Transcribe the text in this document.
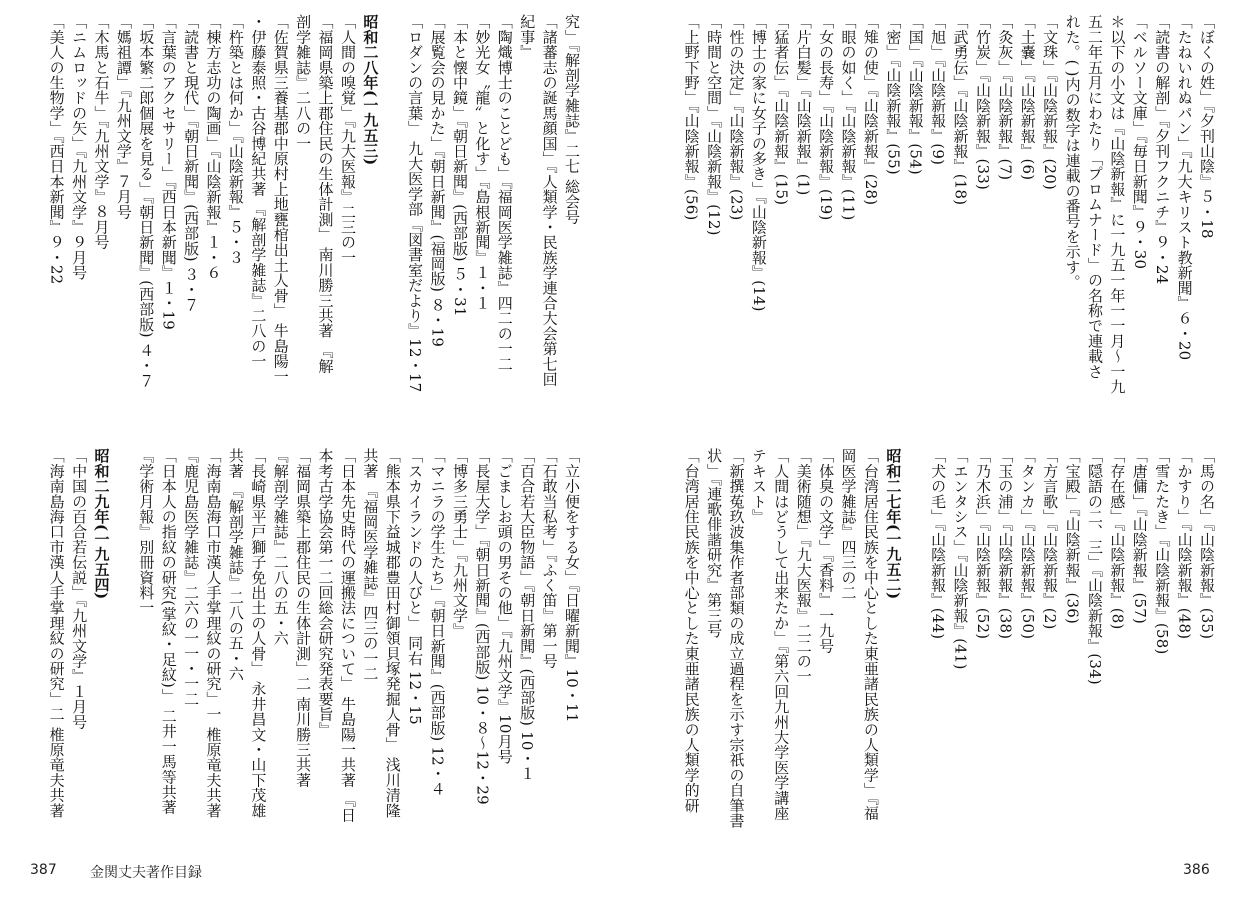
究」『解剖学雑誌』二七 総会号
「諸蕃志の誕馬顔国」『人類学・民族学連合大会第七回
紀事』
「陶熾博士のことども」『福岡医学雑誌』四二の一二
「妙光女〝龍〟と化す」『島根新聞』１・１
「本と懐中鏡」『朝日新聞』(西部版) ５・31
「展覧会の見かた」『朝日新聞』(福岡版) ８・19
「ロダンの言葉」 九大医学部『図書室だより』12・17

昭和二八年(一九五三)
「人間の嗅覚」『九大医報』二三の一
「福岡県築上郡住民の生体計測」 南川勝三共著 『解
剖学雑誌』二八の一
「佐賀県三養基郡中原村上地甕棺出土人骨」 牛島陽一
・伊藤泰照・古谷博紀共著 『解剖学雑誌』二八の一
「杵築とは何か」『山陰新報』５・３
「棟方志功の陶画」『山陰新報』１・６
「読書と現代」『朝日新聞』(西部版) ３・７
「言葉のアクセサリー」『西日本新聞』１・19
「坂本繁二郎個展を見る」『朝日新聞』(西部版) ４・７
「媽祖譚」『九州文学』７月号
「木馬と石牛」『九州文学』８月号
「ニムロッドの矢」『九州文学』９月号
「美人の生物学」『西日本新聞』９・22
「立小便をする女」『日曜新聞』10・11
「石敢当私考」『ふく笛』第一号
「百合若大臣物語」『朝日新聞』(西部版) 10・１
「ごましお頭の男その他」『九州文学』10月号
「長屋大学」『朝日新聞』(西部版) 10・８〜12・29
「博多三勇士」『九州文学』
「マニラの学生たち」『朝日新聞』(西部版) 12・４
「スカイランドの人びと」 同右 12・15
「熊本県下益城郡豊田村御領貝塚発掘人骨」 浅川清隆
共著 『福岡医学雑誌』四三の一二
「日本先史時代の運搬法について」 牛島陽一共著 『日
本考古学協会第一二回総会研究発表要旨』
「福岡県築上郡住民の生体計測」二 南川勝三共著
『解剖学雑誌』二八の五・六
「長崎県平戸獅子免出土の人骨」 永井昌文・山下茂雄
共著 『解剖学雑誌』二八の五・六
「海南島海口市漢人手掌理紋の研究」一 椎原竜夫共著
『鹿児島医学雑誌』二六の一一・一二
「日本人の指紋の研究(掌紋・足紋)」 二井一馬等共著
『学術月報』別冊資料一

昭和二九年(一九五四)
「中国の百合若伝説」『九州文学』１月号
「海南島海口市漢人手掌理紋の研究」二 椎原竜夫共著
387 金関丈夫著作目録
「ぼくの姓」『夕刊山陰』５・18
「たねいれぬパン」『九大キリスト教新聞』６・20
「読書の解剖」『夕刊フクニチ』９・24
「ベルソー文庫」『毎日新聞』９・30
＊以下の小文は『山陰新報』に一九五一年一一月〜一九
五二年五月にわたり「プロムナード」の名称で連載さ
れた。( )内の数字は連載の番号を示す。
「文珠」『山陰新報』(20)
「土嚢」『山陰新報』(6)
「灸灰」『山陰新報』(7)
「竹炭」『山陰新報』(33)
「武勇伝」『山陰新報』(18)
「旭」『山陰新報』(9)
「国」『山陰新報』(54)
「密」『山陰新報』(55)
「雉の使」『山陰新報』(28)
「眼の如く」『山陰新報』(11)
「女の長寿」『山陰新報』(19)
「片白髪」『山陰新報』(1)
「猛者伝」『山陰新報』(15)
「博士の家に女子の多き」『山陰新報』(14)
「性の決定」『山陰新報』(23)
「時間と空間」『山陰新報』(12)
「上野下野」『山陰新報』(56)
「馬の名」『山陰新報』(35)
「かすり」『山陰新報』(48)
「雪たたき」『山陰新報』(58)
「唐傭」『山陰新報』(57)
「存在感」『山陰新報』(8)
「隠語の二、三」『山陰新報』(34)
「宝殿」『山陰新報』(36)
「方言歌」『山陰新報』(2)
「タンカ」『山陰新報』(50)
「玉の浦」『山陰新報』(38)
「乃木浜」『山陰新報』(52)
「エンタシス」『山陰新報』(41)
「犬の毛」『山陰新報』(44)

昭和二七年(一九五二)
「台湾居住民族を中心とした東亜諸民族の人類学」『福
岡医学雑誌』四三の二
「体臭の文学」『香料』一九号
「美術随想」『九大医報』二二の一
「人間はどうして出来たか」『第六回九州大学医学講座
テキスト』
「新撰菟玖波集作者部類の成立過程を示す宗祇の自筆書
状」『連歌俳諧研究』第三号
「台湾居住民族を中心とした東亜諸民族の人類学的研
386
